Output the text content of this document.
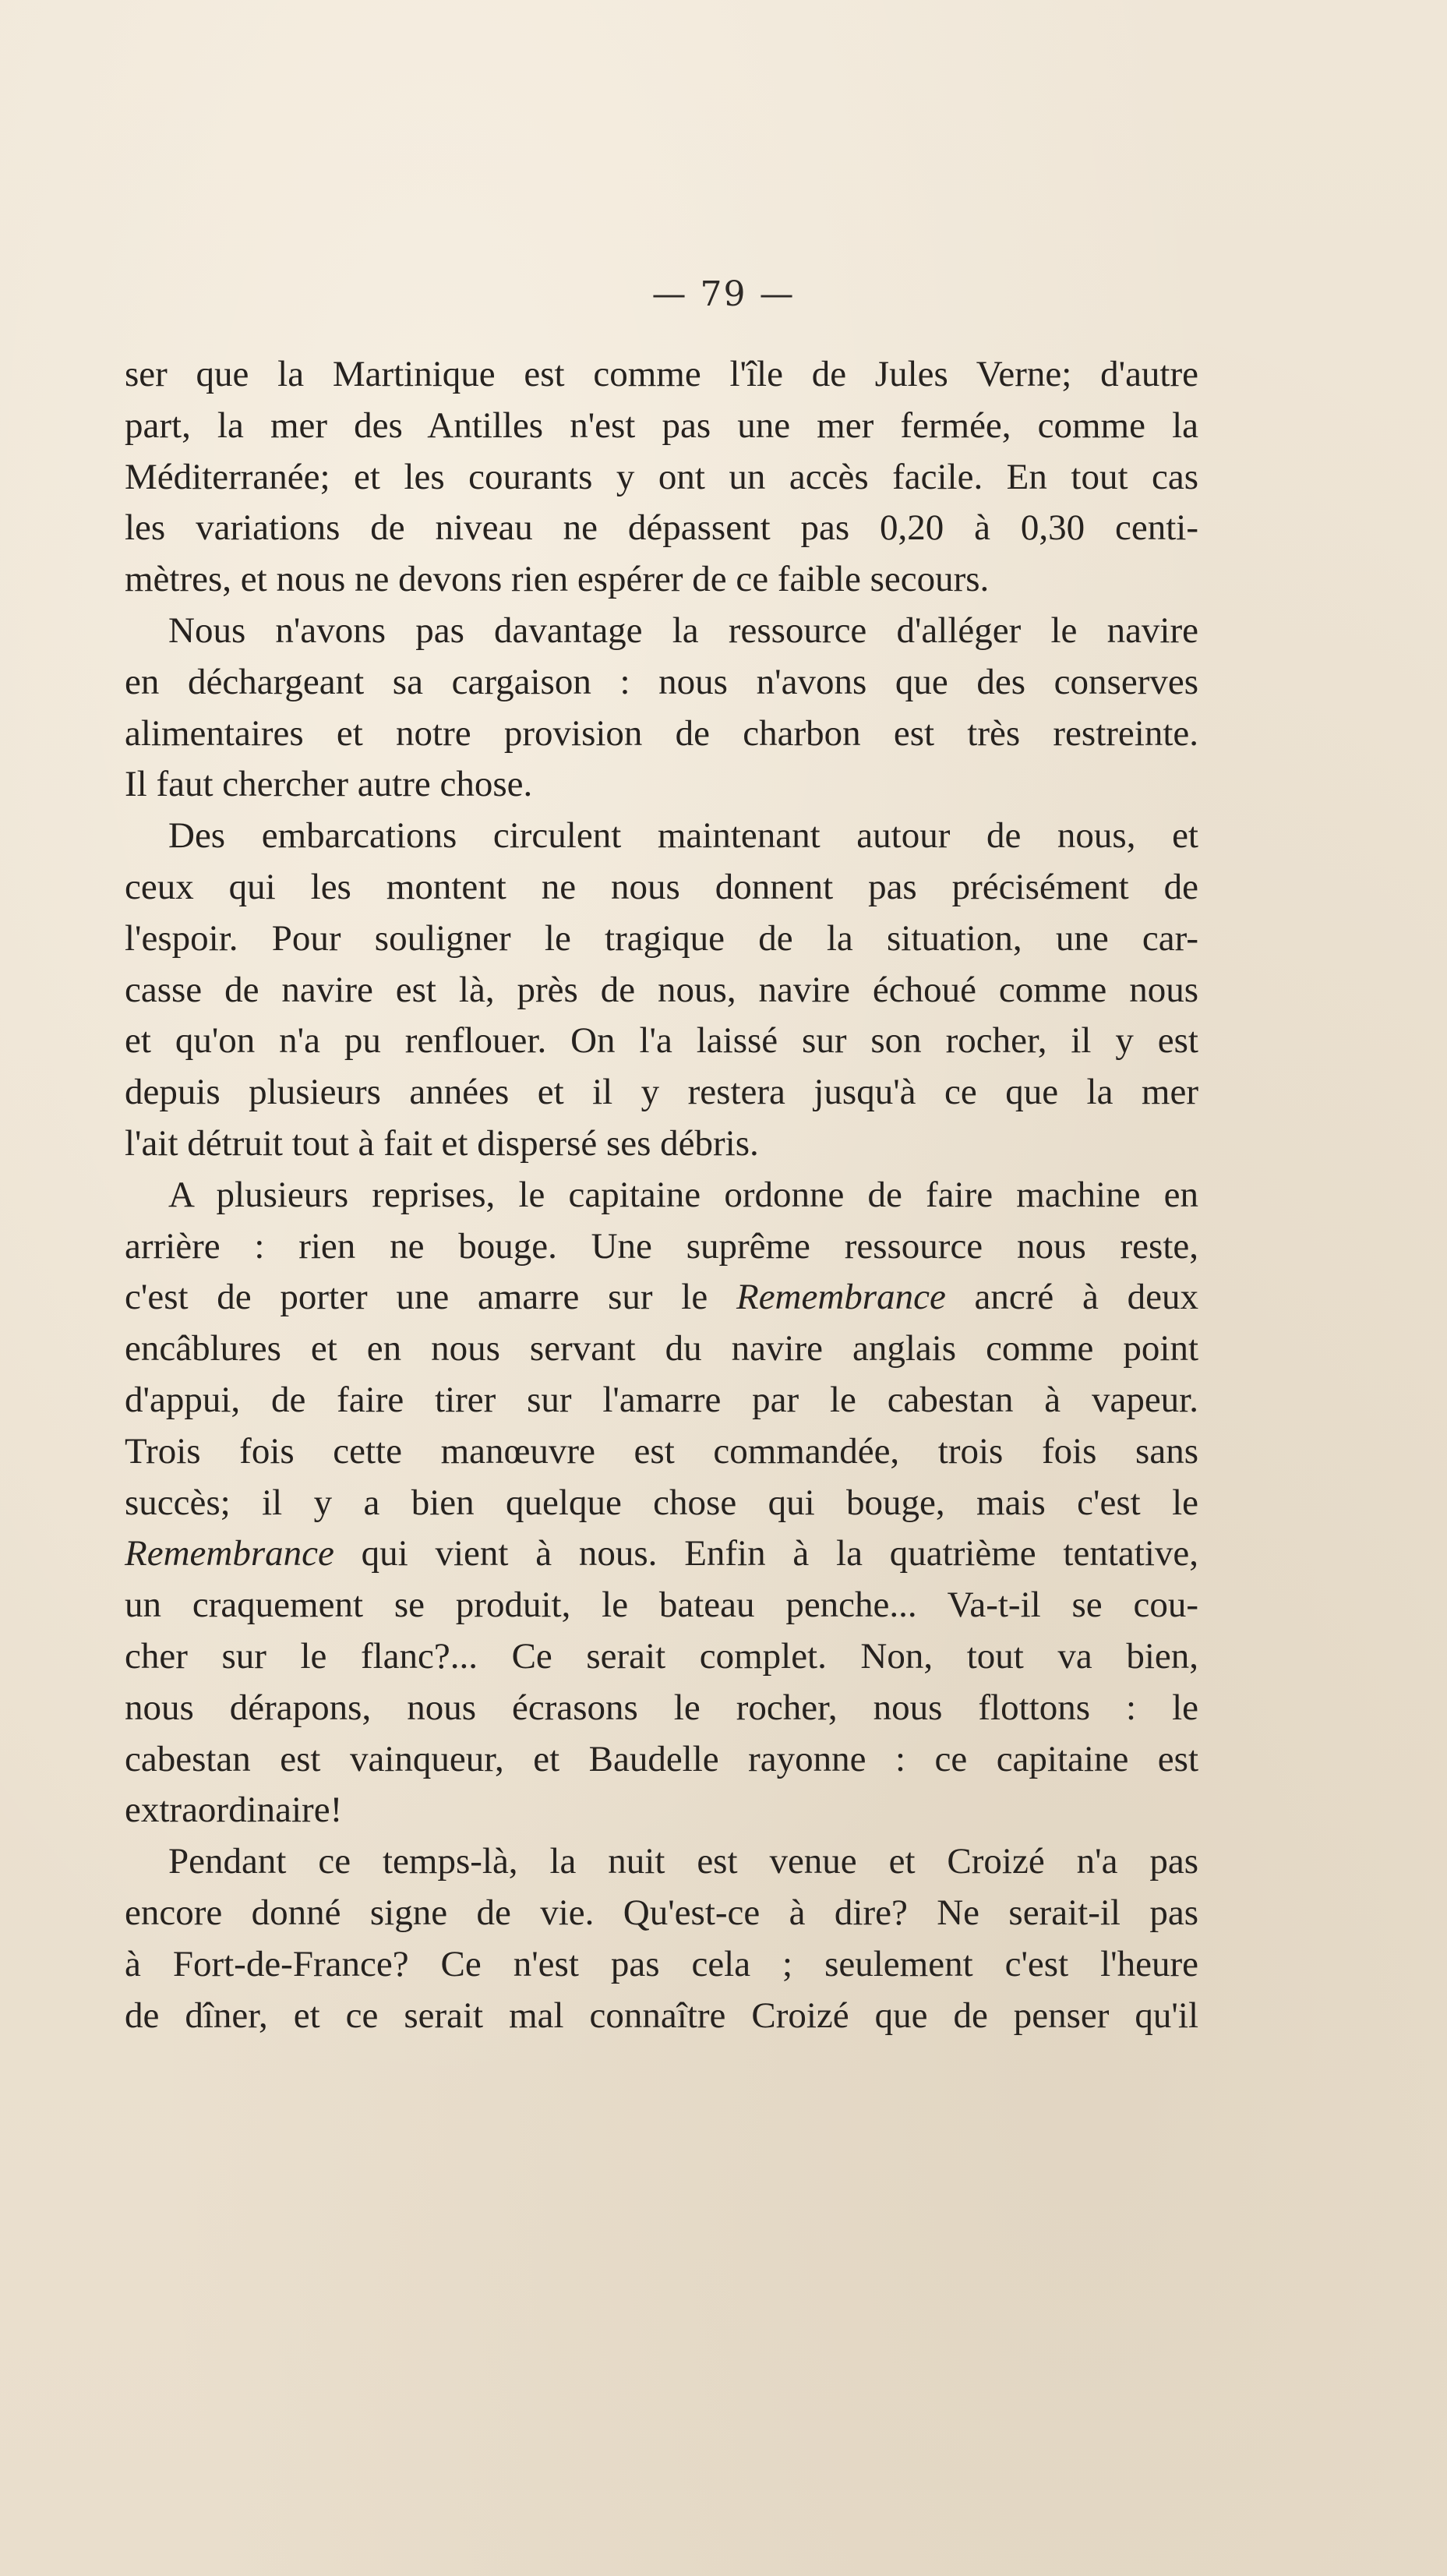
— 79 —
ser que la Martinique est comme l'île de Jules Verne; d'autre
part, la mer des Antilles n'est pas une mer fermée, comme la
Méditerranée; et les courants y ont un accès facile. En tout cas
les variations de niveau ne dépassent pas 0,20 à 0,30 centi-
mètres, et nous ne devons rien espérer de ce faible secours.
Nous n'avons pas davantage la ressource d'alléger le navire
en déchargeant sa cargaison : nous n'avons que des conserves
alimentaires et notre provision de charbon est très restreinte.
Il faut chercher autre chose.
Des embarcations circulent maintenant autour de nous, et
ceux qui les montent ne nous donnent pas précisément de
l'espoir. Pour souligner le tragique de la situation, une car-
casse de navire est là, près de nous, navire échoué comme nous
et qu'on n'a pu renflouer. On l'a laissé sur son rocher, il y est
depuis plusieurs années et il y restera jusqu'à ce que la mer
l'ait détruit tout à fait et dispersé ses débris.
A plusieurs reprises, le capitaine ordonne de faire machine en
arrière : rien ne bouge. Une suprême ressource nous reste,
c'est de porter une amarre sur le Remembrance ancré à deux
encâblures et en nous servant du navire anglais comme point
d'appui, de faire tirer sur l'amarre par le cabestan à vapeur.
Trois fois cette manœuvre est commandée, trois fois sans
succès; il y a bien quelque chose qui bouge, mais c'est le
Remembrance qui vient à nous. Enfin à la quatrième tentative,
un craquement se produit, le bateau penche... Va-t-il se cou-
cher sur le flanc?... Ce serait complet. Non, tout va bien,
nous dérapons, nous écrasons le rocher, nous flottons : le
cabestan est vainqueur, et Baudelle rayonne : ce capitaine est
extraordinaire!
Pendant ce temps-là, la nuit est venue et Croizé n'a pas
encore donné signe de vie. Qu'est-ce à dire? Ne serait-il pas
à Fort-de-France? Ce n'est pas cela ; seulement c'est l'heure
de dîner, et ce serait mal connaître Croizé que de penser qu'il
